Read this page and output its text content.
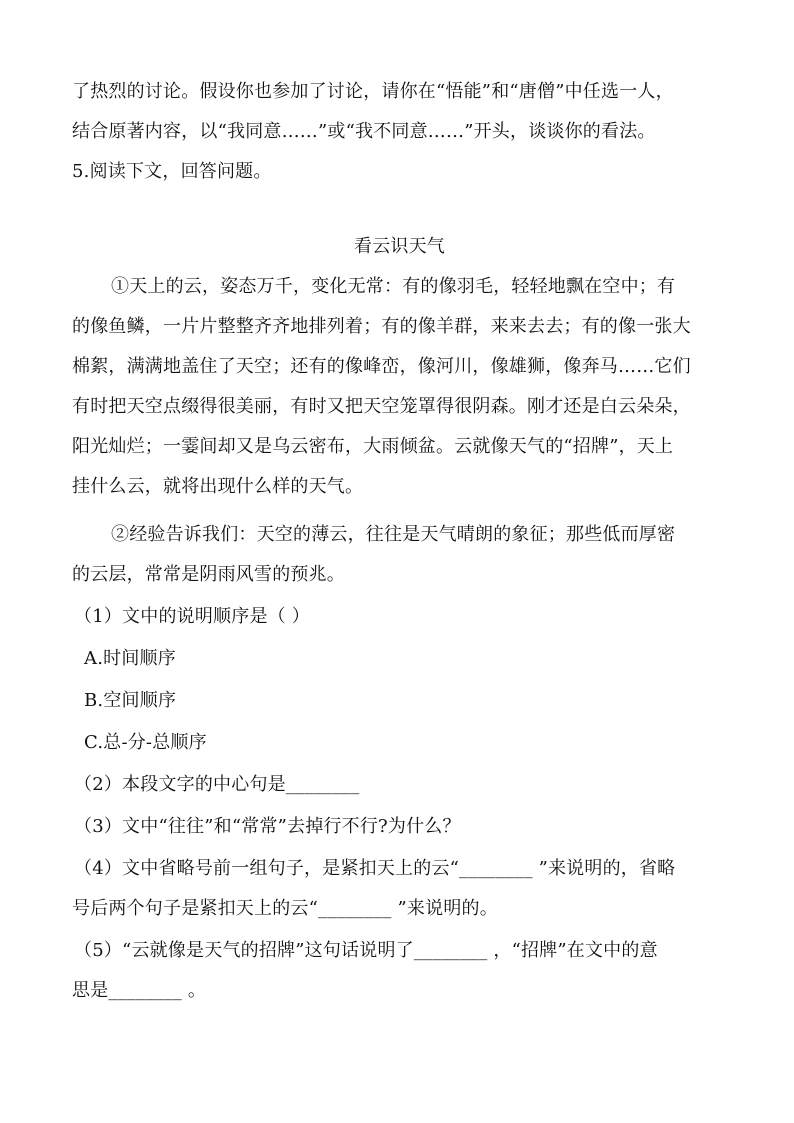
了热烈的讨论。假设你也参加了讨论，请你在“悟能”和“唐僧”中任选一人，
结合原著内容，以“我同意……”或“我不同意……”开头，谈谈你的看法。
5.阅读下文，回答问题。
看云识天气
①天上的云，姿态万千，变化无常：有的像羽毛，轻轻地飘在空中；有
的像鱼鳞，一片片整整齐齐地排列着；有的像羊群，来来去去；有的像一张大
棉絮，满满地盖住了天空；还有的像峰峦，像河川，像雄狮，像奔马……它们
有时把天空点缀得很美丽，有时又把天空笼罩得很阴森。刚才还是白云朵朵，
阳光灿烂；一霎间却又是乌云密布，大雨倾盆。云就像天气的“招牌”，天上
挂什么云，就将出现什么样的天气。
②经验告诉我们：天空的薄云，往往是天气晴朗的象征；那些低而厚密
的云层，常常是阴雨风雪的预兆。
（1）文中的说明顺序是（ ）
A.时间顺序
B.空间顺序
C.总-分-总顺序
（2）本段文字的中心句是________
（3）文中“往往”和“常常”去掉行不行?为什么？
（4）文中省略号前一组句子，是紧扣天上的云“________ ”来说明的，省略
号后两个句子是紧扣天上的云“________ ”来说明的。
（5）“云就像是天气的招牌”这句话说明了________ ，“招牌”在文中的意
思是________ 。
